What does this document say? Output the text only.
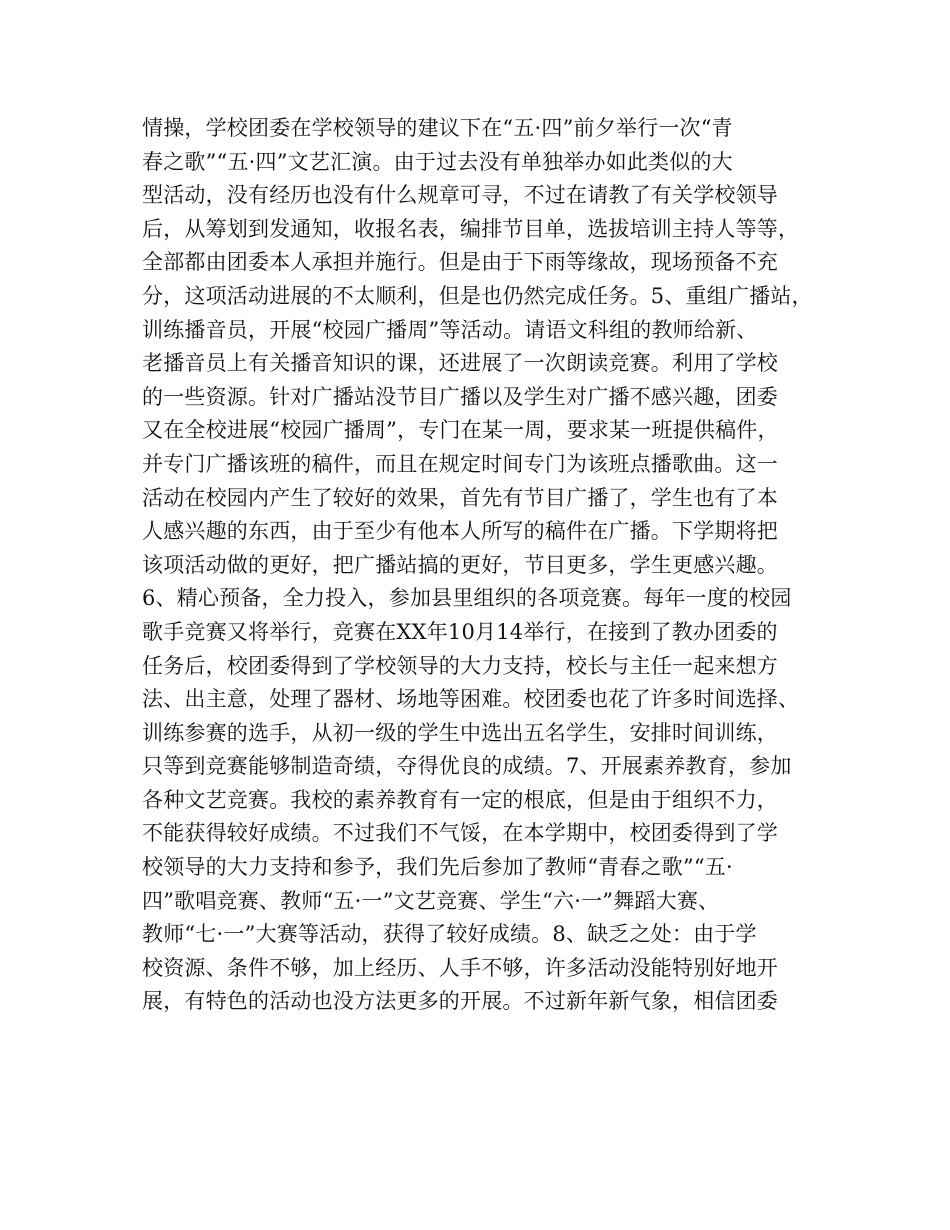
情操，学校团委在学校领导的建议下在“五·四”前夕举行一次“青
春之歌”“五·四”文艺汇演。由于过去没有单独举办如此类似的大
型活动，没有经历也没有什么规章可寻，不过在请教了有关学校领导
后，从筹划到发通知，收报名表，编排节目单，选拔培训主持人等等，
全部都由团委本人承担并施行。但是由于下雨等缘故，现场预备不充
分，这项活动进展的不太顺利，但是也仍然完成任务。5、重组广播站，
训练播音员，开展“校园广播周”等活动。请语文科组的教师给新、
老播音员上有关播音知识的课，还进展了一次朗读竞赛。利用了学校
的一些资源。针对广播站没节目广播以及学生对广播不感兴趣，团委
又在全校进展“校园广播周”，专门在某一周，要求某一班提供稿件，
并专门广播该班的稿件，而且在规定时间专门为该班点播歌曲。这一
活动在校园内产生了较好的效果，首先有节目广播了，学生也有了本
人感兴趣的东西，由于至少有他本人所写的稿件在广播。下学期将把
该项活动做的更好，把广播站搞的更好，节目更多，学生更感兴趣。
6、精心预备，全力投入，参加县里组织的各项竞赛。每年一度的校园
歌手竞赛又将举行，竞赛在XX年10月14举行，在接到了教办团委的
任务后，校团委得到了学校领导的大力支持，校长与主任一起来想方
法、出主意，处理了器材、场地等困难。校团委也花了许多时间选择、
训练参赛的选手，从初一级的学生中选出五名学生，安排时间训练，
只等到竞赛能够制造奇绩，夺得优良的成绩。7、开展素养教育，参加
各种文艺竞赛。我校的素养教育有一定的根底，但是由于组织不力，
不能获得较好成绩。不过我们不气馁，在本学期中，校团委得到了学
校领导的大力支持和参予，我们先后参加了教师“青春之歌”“五·
四”歌唱竞赛、教师“五·一”文艺竞赛、学生“六·一”舞蹈大赛、
教师“七·一”大赛等活动，获得了较好成绩。8、缺乏之处：由于学
校资源、条件不够，加上经历、人手不够，许多活动没能特别好地开
展，有特色的活动也没方法更多的开展。不过新年新气象，相信团委
